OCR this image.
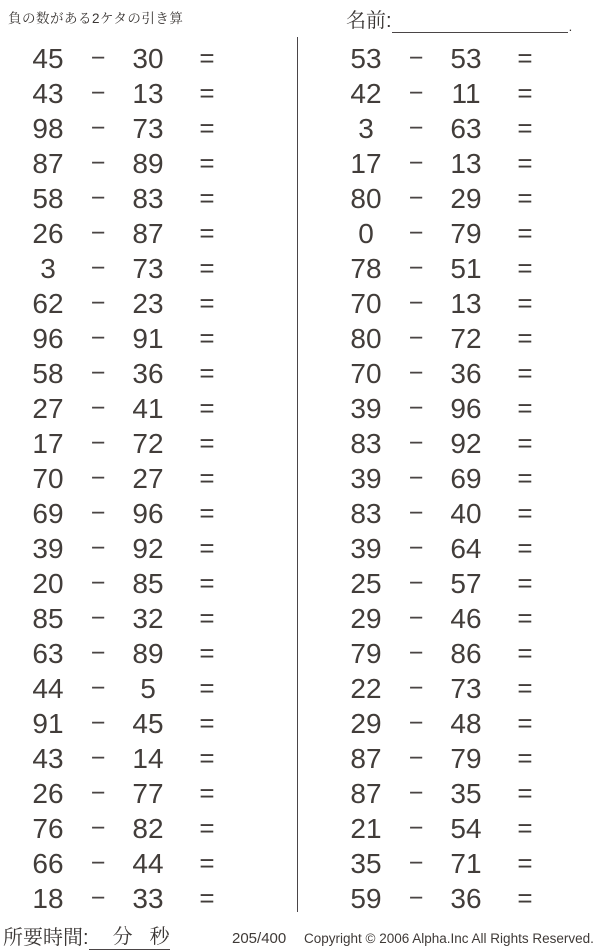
負の数がある2ケタの引き算	名前:	.
45	− 30	=
43	− 13	=
98	− 73	=
87	− 89	=
58	− 83	=
26	− 87	=
3	− 73	=
62	− 23	=
96	− 91	=
58	− 36	=
27	− 41	=
17	− 72	=
70	− 27	=
69	− 96	=
39	− 92	=
20	− 85	=
85	− 32	=
63	− 89	=
44	−	5	=
91	− 45	=
43	− 14	=
26	− 77	=
76	− 82	=
66	− 44	=
18	− 33	=
53	− 53	=
42	−	11	=
3	− 63	=
17	− 13	=
80	− 29	=
0	− 79	=
78	− 51	=
70	− 13	=
80	− 72	=
70	− 36	=
39	− 96	=
83	− 92	=
39	− 69	=
83	− 40	=
39	− 64	=
25	− 57	=
29	− 46	=
79	− 86	=
22	− 73	=
29	− 48	=
87	− 79	=
87	− 35	=
21	− 54	=
35	− 71	=
59	− 36	=
所要時間: 分 秒	205/400 Copyright © 2006 Alpha.Inc All Rights Reserved.
